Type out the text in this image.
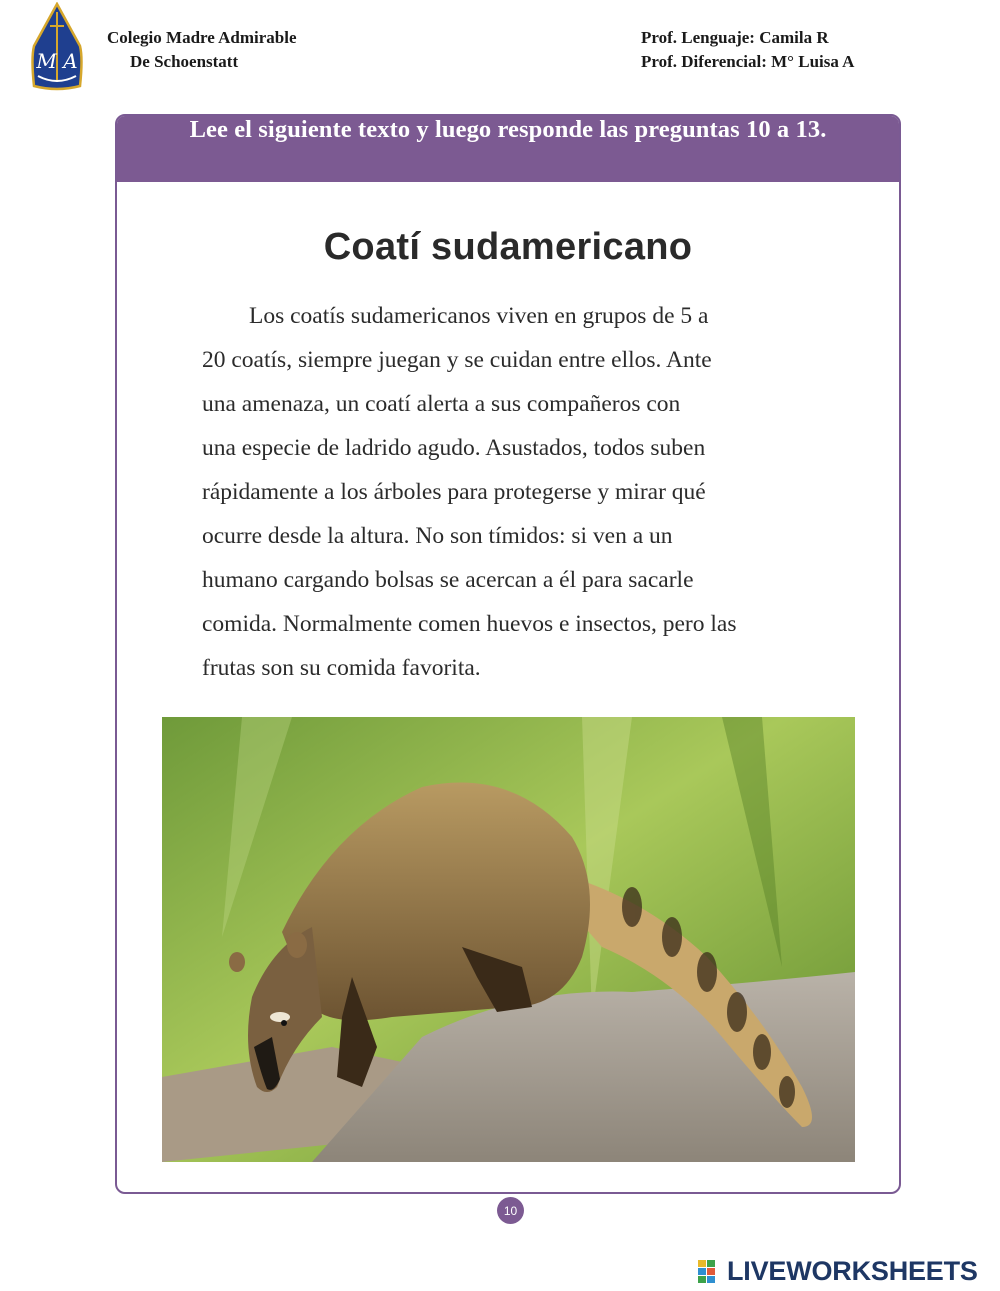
M A
Colegio Madre Admirable
De Schoenstatt
Prof. Lenguaje: Camila R
Prof. Diferencial: M° Luisa A
Lee el siguiente texto y luego responde las preguntas 10 a 13.
Coatí sudamericano
Los coatís sudamericanos viven en grupos de 5 a
20 coatís, siempre juegan y se cuidan entre ellos. Ante
una amenaza, un coatí alerta a sus compañeros con
una especie de ladrido agudo. Asustados, todos suben
rápidamente a los árboles para protegerse y mirar qué
ocurre desde la altura. No son tímidos: si ven a un
humano cargando bolsas se acercan a él para sacarle
comida. Normalmente comen huevos e insectos, pero las
frutas son su comida favorita.
10
LIVEWORKSHEETS
